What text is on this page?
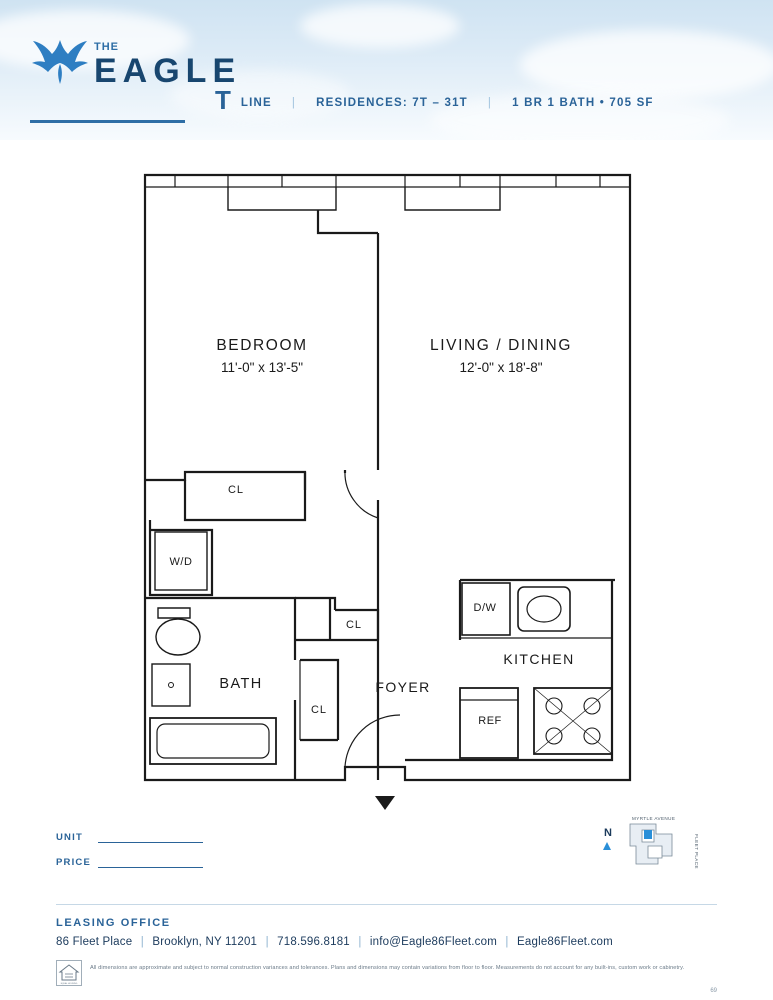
THE
EAGLE
T LINE | RESIDENCES: 7T – 31T | 1 BR 1 BATH • 705 SF
BEDROOM
11'-0" x 13'-5"
LIVING / DINING
12'-0" x 18'-8"
KITCHEN
BATH	FOYER
CL
CL
CL
W/D
D/W
REF
UNIT
PRICE
N
MYRTLE AVENUE
FLEET PLACE
LEASING OFFICE
86 Fleet Place | Brooklyn, NY 11201 | 718.596.8181 | info@Eagle86Fleet.com | Eagle86Fleet.com
EQUAL HOUSING
All dimensions are approximate and subject to normal construction variances and tolerances. Plans and dimensions may contain variations from floor to floor. Measurements do not account for any built-ins, custom work or cabinetry.
69
